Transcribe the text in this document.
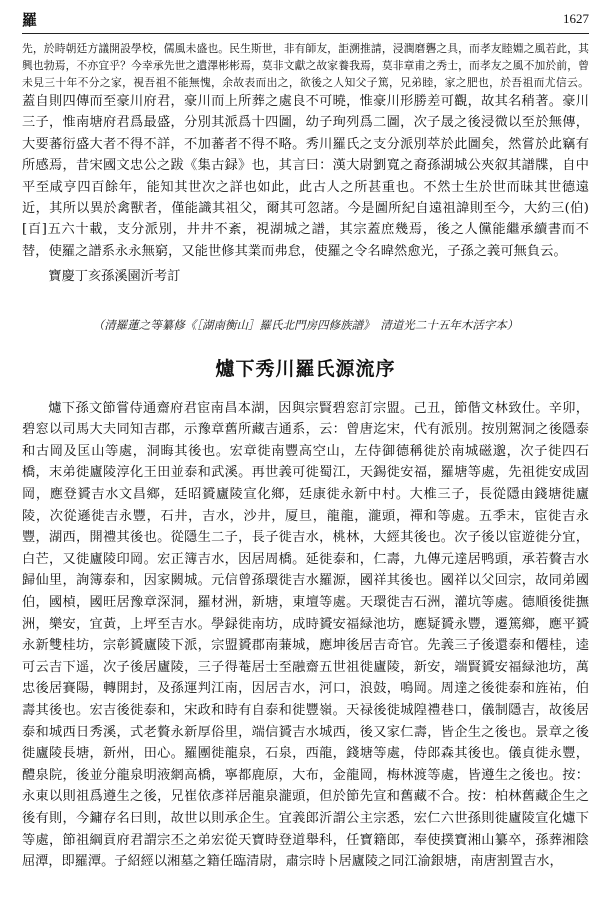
羅	1627

先，於時朝廷方議開設學校，儒風未盛也。民生斯世，非有師友，詎溯推請，浸潤磨礱之具，而孝友睦婣之風若此，其興也勃焉，不亦宜乎？今幸承先世之遺澤彬彬焉，莫非文獻之故家養我焉，莫非章甫之秀士，而孝友之風不加於前，曾未見三十年不分之家，視吾祖不能無愧，余故表而出之，欲後之人知父子篤，兄弟睦，家之肥也，於吾祖而尤信云。蓋自則四傳而至豪川府君，豪川而上所葬之處良不可曉，惟豪川形勝差可觀，故其名稍著。豪川三子，惟南塘府君爲最盛，分別其派爲十四圖，幼子珣列爲二圖，次子晟之後浸微以至於無傳，大要蕃衍盛大者不得不詳，不加蕃者不得不略。秀川羅氏之支分派別萃於此圖矣，然嘗於此竊有所感焉，昔宋國文忠公之跋《集古録》也，其言曰：漢大尉劉寬之裔孫湖城公夾叙其譜牒，自中平至咸亨四百餘年，能知其世次之詳也如此，此古人之所甚重也。不然士生於世而昧其世德遠近，其所以異於禽獸者，僅能識其祖父，爾其可忽諸。今是圖所紀自遠祖諱則至今，大約三(伯)[百]五六十載，支分派別，井井不紊，視湖城之譜，其宗蓋庶幾焉，後之人儻能繼承續書而不替，使羅之譜系永永無窮，又能世修其業而弗怠，使羅之令名暐然愈光，子孫之義可無負云。

寶慶丁亥孫溪園沂考訂

（清羅蓮之等纂修《［湖南衡山］羅氏北門房四修族譜》　清道光二十五年木活字本）

爈下秀川羅氏源流序

爈下孫文節嘗侍通齋府君宦南昌本湖，因與宗賢碧窓訂宗盟。己丑，節偕文林致仕。辛卯，碧窓以司馬大夫同知吉郡，示豫章舊所藏吉通系，云：曾唐迄宋，代有派別。按別駕洞之後隱泰和古岡及匡山等處，洞晦其後也。宏章徙南豐高空山，左侍御德稱徙於南城磁邈，次子徙四石橋，末弟徙廬陵淳化王田並泰和武溪。再世義可徙蜀江，天錫徙安福，羅塘等處，先祖徙安成固岡，應登贇吉水文昌鄉，廷昭贇廬陵宣化鄉，廷康徙永新中村。大椎三子，長從隱由錢塘徙廬陵，次從遜徙吉永豐，石井，吉水，沙井，厦旦，龍龍，瀧頭，禪和等處。五季末，宦徙吉永豐，湖西，開禮其後也。從隱生二子，長子徙吉水，桃林，大經其後也。次子後以宦遊徙分宜，白芒，又徙廬陵印岡。宏正簿吉水，因居周橋。延徙泰和，仁壽，九傳元達居鸭頭，承若贅吉水歸仙里，詢簿泰和，因家闕城。元信曾孫環徙吉水羅源，國祥其後也。國祥以父回宗，故同弟國伯，國楨，國旺居豫章深洞，羅材洲，新塘，東壇等處。天環徙吉石洲，灌坑等處。德順後徙撫洲，樂安，宜黃，上坪至吉水。學録徙南坊，成時贇安福緑池坊，應疑贇永豐，遷篤鄉，應平贇永新雙桂坊，宗彰贇廬陵下派，宗盟贇郡南蒹城，應坤後居吉奇官。先義三子後還泰和僊桂，逵可云吉下遥，次子後居廬陵，三子得菴居士至融齋五世祖徙廬陵，新安，端賢贇安福緑池坊，萬忠後居賽陽，轉開封，及孫運判江南，因居吉水，河口，浪鼓，鳴岡。周達之後徙泰和旌祐，伯壽其後也。宏吉後徙泰和，宋政和時有自泰和徙豐嶺。天禄後徙城隍禮巷口，儀制隱吉，故後居泰和城西日秀溪，式老贅永新厚俗里，端信贇吉水城西，後又家仁壽，皆企生之後也。景章之後徙廬陵長塘，新州，田心。羅團徙龍泉，石泉，西龍，錢塘等處，侍郎森其後也。儀貞徙永豐，醴泉院，後並分龍泉明液網高橋，寧都鹿原，大布，金龍岡，梅林渡等處，皆遵生之後也。按：永東以則祖爲遵生之後，兄崔依彥祥居龍泉瀧頭，但於節先宣和舊藏不合。按：柏林舊藏企生之後有則，今鏞存名曰則，故世以則承企生。宜義郎沂謂公主宗悉，宏仁六世孫則徙廬陵宣化爈下等處，節祖綱貢府君謂宗丕之弟宏從天寶時登道舉科，任寶籍郎，奉使撲寶湘山纂卒，孫葬湘陰屈潭，即羅潭。子紹經以湘墓之籍任臨清尉，肅宗時卜居廬陵之同江渝銀塘，南唐割置吉水，
